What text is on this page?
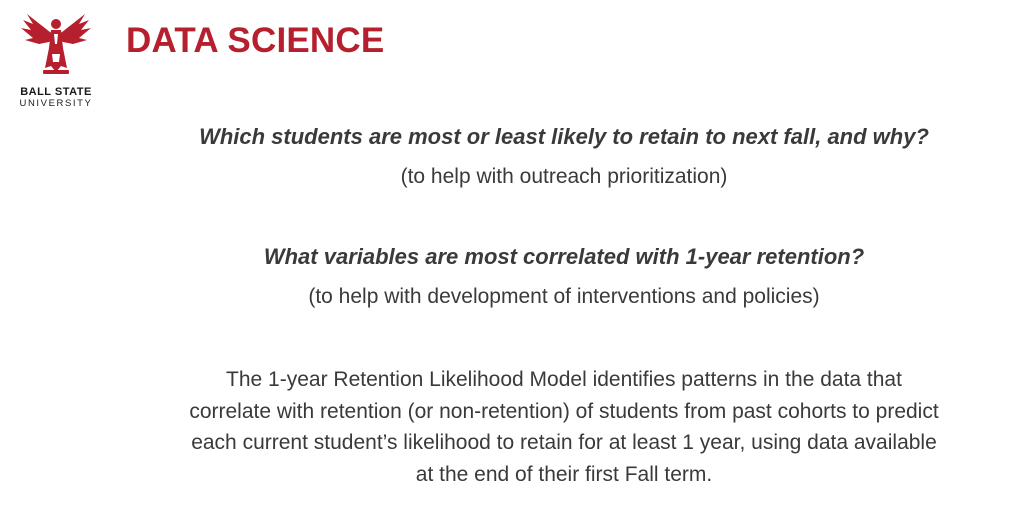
BALL STATE
UNIVERSITY
DATA SCIENCE
Which students are most or least likely to retain to next fall, and why?
(to help with outreach prioritization)
What variables are most correlated with 1-year retention?
(to help with development of interventions and policies)
The 1-year Retention Likelihood Model identifies patterns in the data that
correlate with retention (or non-retention) of students from past cohorts to predict
each current student’s likelihood to retain for at least 1 year, using data available
at the end of their first Fall term.
